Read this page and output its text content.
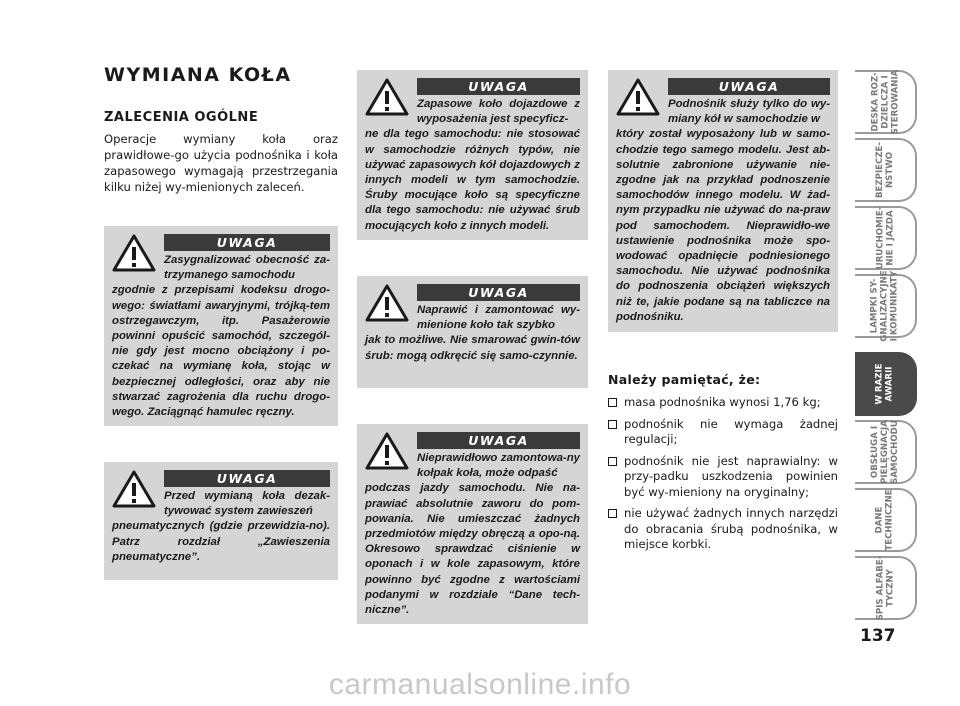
WYMIANA KOŁA
ZALECENIA OGÓLNE

Operacje wymiany koła oraz prawidłowe-go użycia podnośnika i koła zapasowego wymagają przestrzegania kilku niżej wy-mienionych zaleceń.

UWAGA

Zasygnalizować obecność za-trzymanego samochodu

zgodnie z przepisami kodeksu drogo-wego: światłami awaryjnymi, trójką-tem ostrzegawczym, itp. Pasażerowie powinni opuścić samochód, szczegól-nie gdy jest mocno obciążony i po-czekać na wymianę koła, stojąc w bezpiecznej odległości, oraz aby nie stwarzać zagrożenia dla ruchu drogo-wego. Zaciągnąć hamulec ręczny.

UWAGA

Przed wymianą koła dezak-tywować system zawieszeń

pneumatycznych (gdzie przewidzia-no). Patrz rozdział „Zawieszenia pneumatyczne”.

UWAGA

Zapasowe koło dojazdowe z wyposażenia jest specyficz-

ne dla tego samochodu: nie stosować w samochodzie różnych typów, nie używać zapasowych kół dojazdowych z innych modeli w tym samochodzie. Śruby mocujące koło są specyficzne dla tego samochodu: nie używać śrub mocujących koło z innych modeli.

UWAGA

Naprawić i zamontować wy-mienione koło tak szybko

jak to możliwe. Nie smarować gwin-tów śrub: mogą odkręcić się samo-czynnie.

UWAGA

Nieprawidłowo zamontowa-ny kołpak koła, może odpaść

podczas jazdy samochodu. Nie na-prawiać absolutnie zaworu do pom-powania. Nie umieszczać żadnych przedmiotów między obręczą a opo-ną. Okresowo sprawdzać ciśnienie w oponach i w kole zapasowym, które powinno być zgodne z wartościami podanymi w rozdziale “Dane tech-niczne”.

UWAGA

Podnośnik służy tylko do wy-miany kół w samochodzie w

który został wyposażony lub w samo-chodzie tego samego modelu. Jest ab-solutnie zabronione używanie nie-zgodne jak na przykład podnoszenie samochodów innego modelu. W żad-nym przypadku nie używać do na-praw pod samochodem. Nieprawidło-we ustawienie podnośnika może spo-wodować opadnięcie podniesionego samochodu. Nie używać podnośnika do podnoszenia obciążeń większych niż te, jakie podane są na tabliczce na podnośniku.

Należy pamiętać, że:
masa podnośnika wynosi 1,76 kg;
podnośnik nie wymaga żadnej regulacji;
podnośnik nie jest naprawialny: w przy-padku uszkodzenia powinien być wy-mieniony na oryginalny;
nie używać żadnych innych narzędzi do obracania śrubą podnośnika, w miejsce korbki.
DESKA ROZ-
DZIELCZA I
STEROWANIA
BEZPIECZE-
ŃSTWO
URUCHOMIE-
NIE I JAZDA
LAMPKI SY-
GNALIZACYJNE
I KOMUNIKATY
W RAZIE
AWARII
OBSŁUGA I
PIELĘGNACJA
SAMOCHODU
DANE
TECHNICZNE
SPIS ALFABE-
TYCZNY
137
carmanualsonline.info
